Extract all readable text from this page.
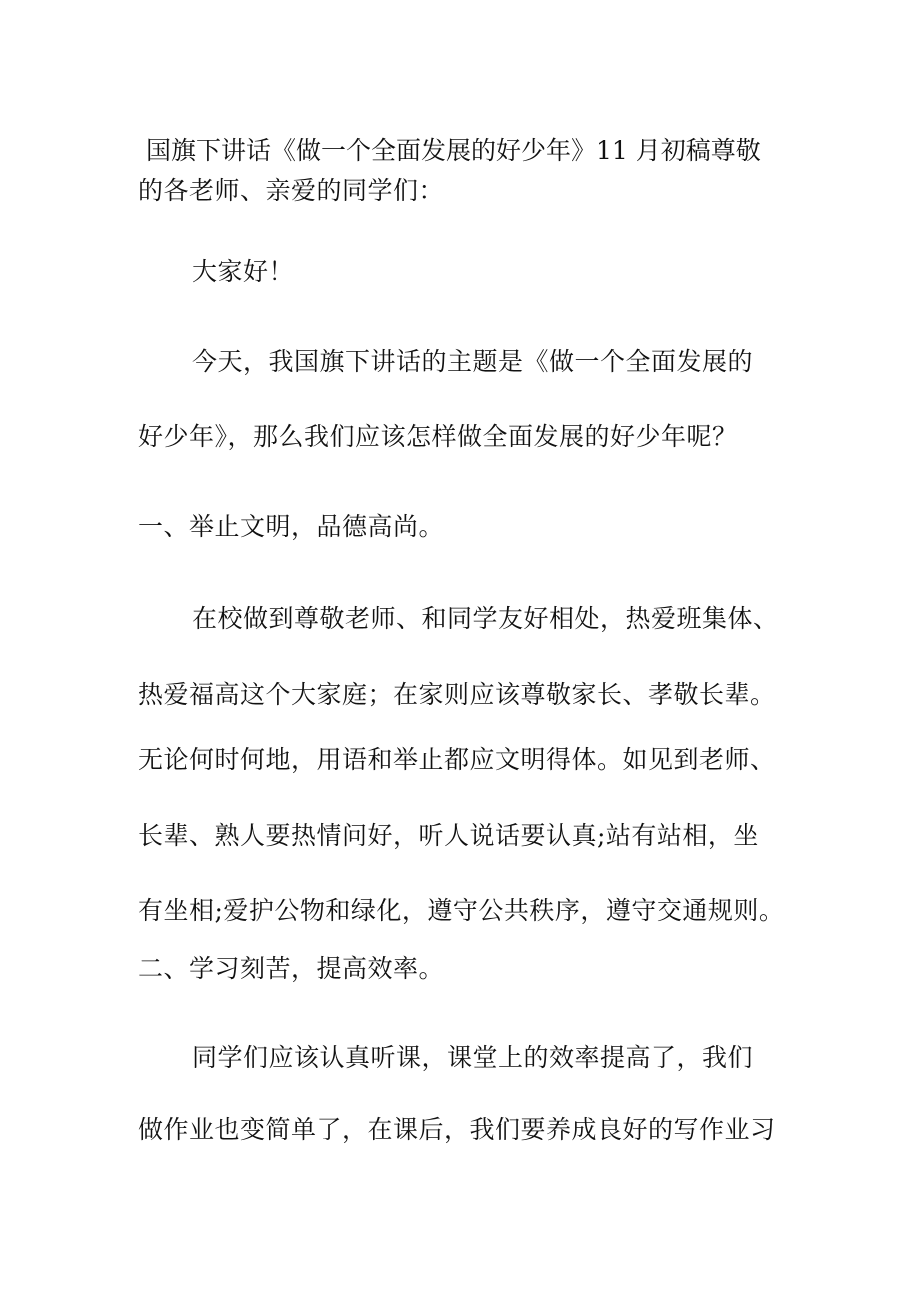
国旗下讲话《做一个全面发展的好少年》11 月初稿尊敬
的各老师、亲爱的同学们：
大家好！
今天，我国旗下讲话的主题是《做一个全面发展的
好少年》，那么我们应该怎样做全面发展的好少年呢？
一、举止文明，品德高尚。
在校做到尊敬老师、和同学友好相处，热爱班集体、
热爱福高这个大家庭；在家则应该尊敬家长、孝敬长辈。
无论何时何地，用语和举止都应文明得体。如见到老师、
长辈、熟人要热情问好，听人说话要认真;站有站相，坐
有坐相;爱护公物和绿化，遵守公共秩序，遵守交通规则。
二、学习刻苦，提高效率。
同学们应该认真听课，课堂上的效率提高了，我们
做作业也变简单了，在课后，我们要养成良好的写作业习
